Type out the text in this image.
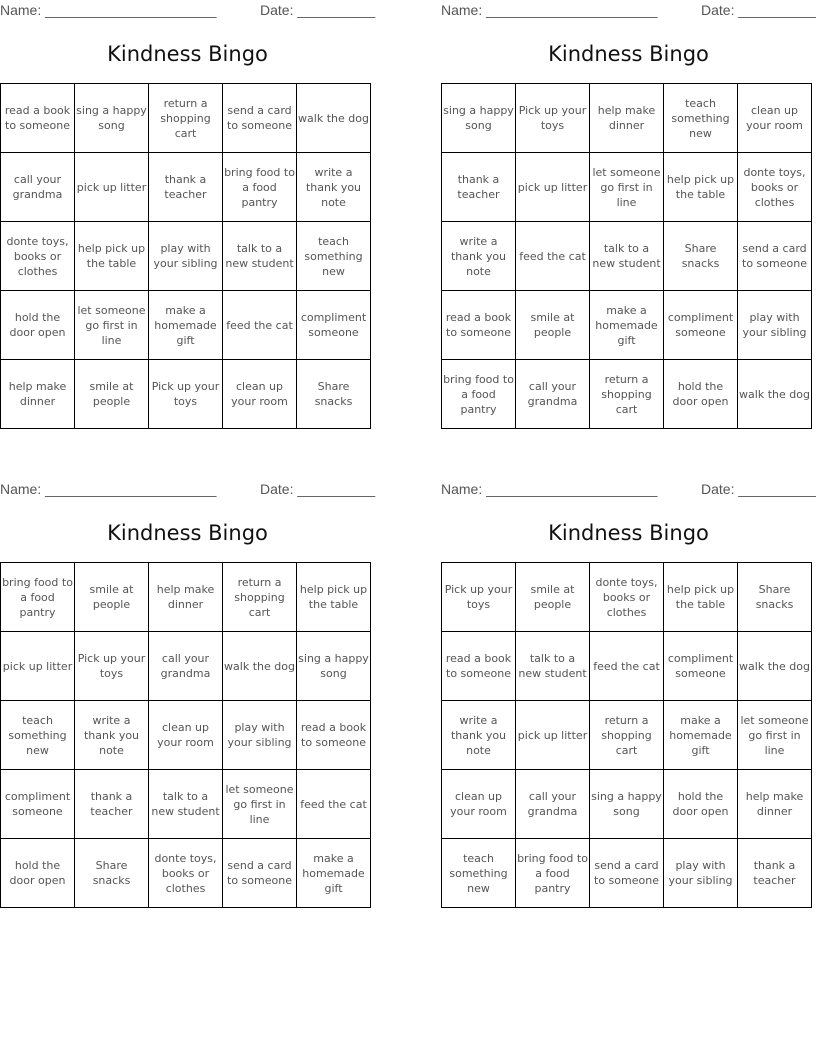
Name: ______________________	Date: __________
Kindness Bingo
read a book to someone	sing a happy song	return a shopping cart	send a card to someone	walk the dog
call your grandma	pick up litter	thank a teacher	bring food to a food pantry	write a thank you note
donte toys, books or clothes	help pick up the table	play with your sibling	talk to a new student	teach something new
hold the door open	let someone go first in line	make a homemade gift	feed the cat	compliment someone
help make dinner	smile at people	Pick up your toys	clean up your room	Share snacks
Name: ______________________	Date: __________
Kindness Bingo
sing a happy song	Pick up your toys	help make dinner	teach something new	clean up your room
thank a teacher	pick up litter	let someone go first in line	help pick up the table	donte toys, books or clothes
write a thank you note	feed the cat	talk to a new student	Share snacks	send a card to someone
read a book to someone	smile at people	make a homemade gift	compliment someone	play with your sibling
bring food to a food pantry	call your grandma	return a shopping cart	hold the door open	walk the dog
Name: ______________________	Date: __________
Kindness Bingo
bring food to a food pantry	smile at people	help make dinner	return a shopping cart	help pick up the table
pick up litter	Pick up your toys	call your grandma	walk the dog	sing a happy song
teach something new	write a thank you note	clean up your room	play with your sibling	read a book to someone
compliment someone	thank a teacher	talk to a new student	let someone go first in line	feed the cat
hold the door open	Share snacks	donte toys, books or clothes	send a card to someone	make a homemade gift
Name: ______________________	Date: __________
Kindness Bingo
Pick up your toys	smile at people	donte toys, books or clothes	help pick up the table	Share snacks
read a book to someone	talk to a new student	feed the cat	compliment someone	walk the dog
write a thank you note	pick up litter	return a shopping cart	make a homemade gift	let someone go first in line
clean up your room	call your grandma	sing a happy song	hold the door open	help make dinner
teach something new	bring food to a food pantry	send a card to someone	play with your sibling	thank a teacher
